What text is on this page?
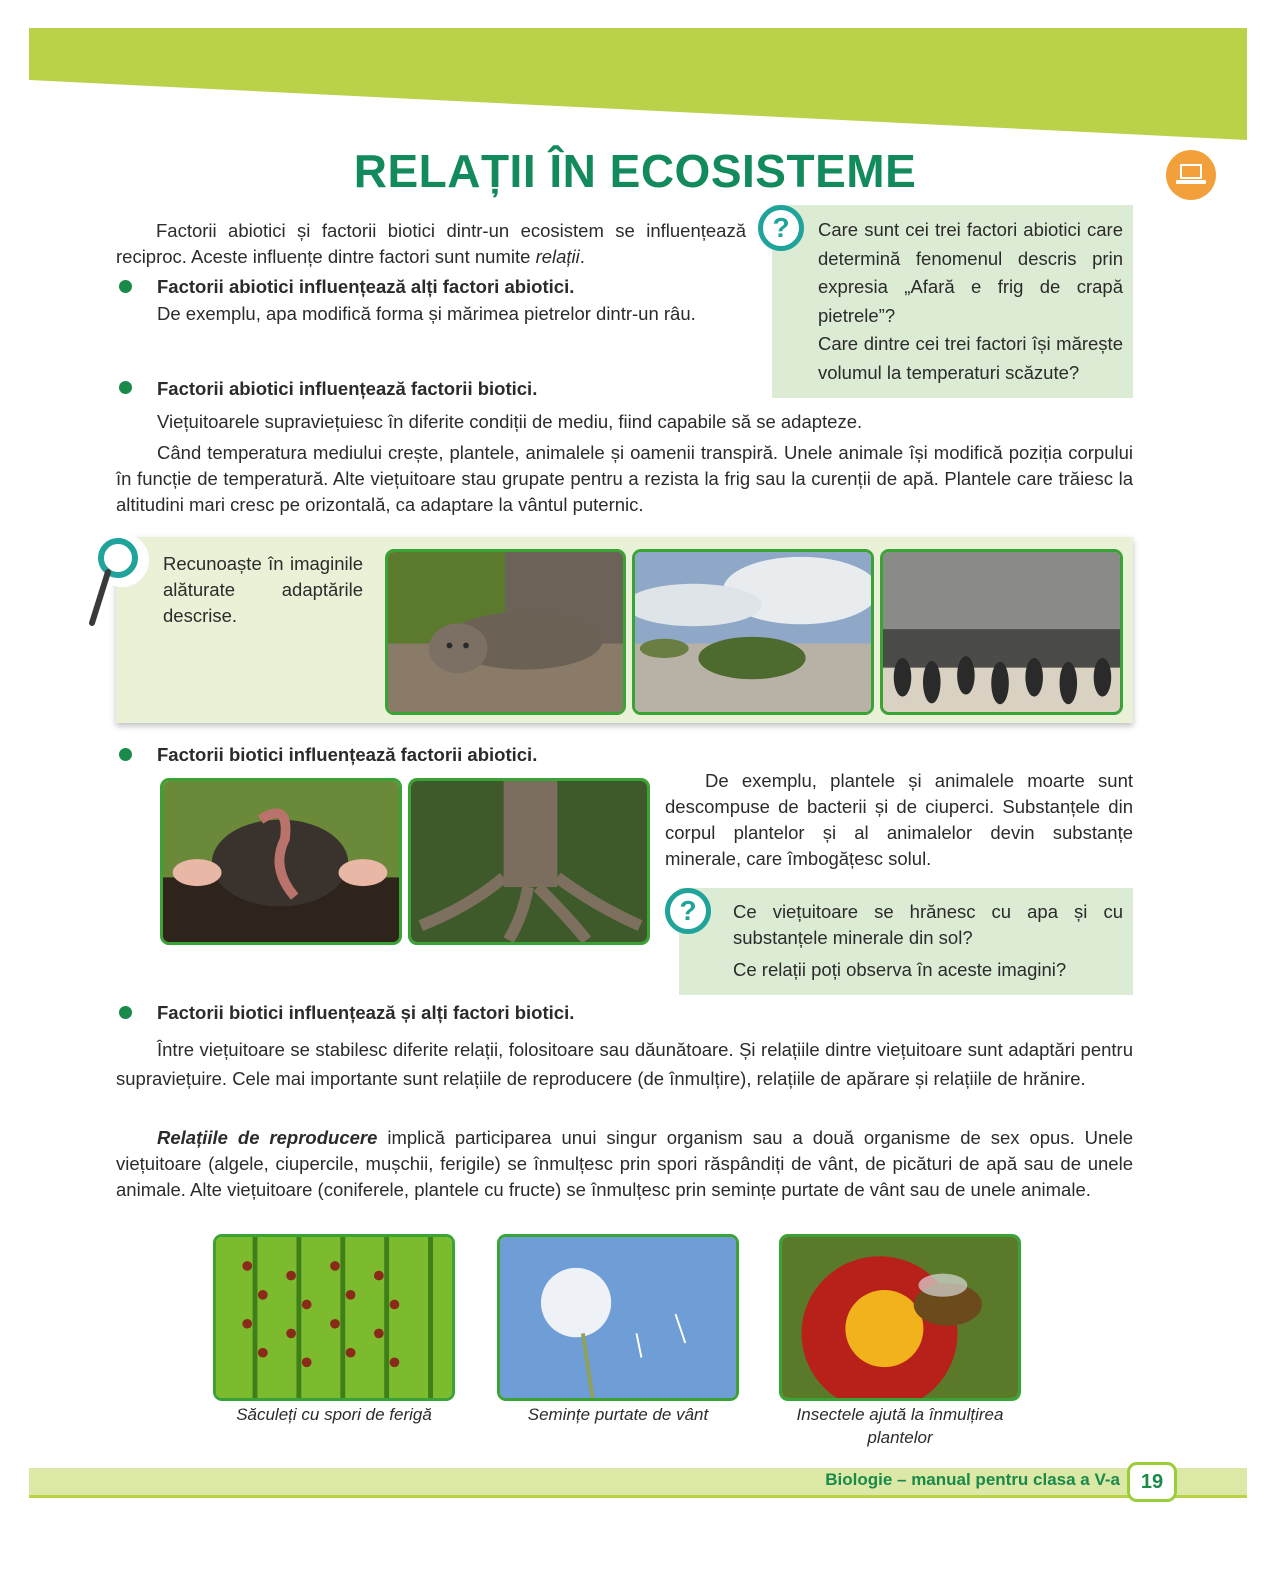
RELAȚII ÎN ECOSISTEME
Factorii abiotici și factorii biotici dintr-un ecosistem se influențează reciproc. Aceste influențe dintre factori sunt numite relații.
Factorii abiotici influențează alți factori abiotici.
De exemplu, apa modifică forma și mărimea pietrelor dintr-un râu.
?	Care sunt cei trei factori abiotici care determină fenomenul descris prin expresia „Afară e frig de crapă pietrele”?
Care dintre cei trei factori își mărește volumul la temperaturi scăzute?
Factorii abiotici influențează factorii biotici.
Viețuitoarele supraviețuiesc în diferite condiții de mediu, fiind capabile să se adapteze.
Când temperatura mediului crește, plantele, animalele și oamenii transpiră. Unele animale își modifică poziția corpului în funcție de temperatură. Alte viețuitoare stau grupate pentru a rezista la frig sau la curenții de apă. Plantele care trăiesc la altitudini mari cresc pe orizontală, ca adaptare la vântul puternic.
Recunoaște în imaginile alăturate adaptările descrise.
Factorii biotici influențează factorii abiotici.
De exemplu, plantele și animalele moarte sunt descompuse de bacterii și de ciuperci. Substanțele din corpul plantelor și al animalelor devin substanțe minerale, care îmbogățesc solul.
?	Ce viețuitoare se hrănesc cu apa și cu substanțele minerale din sol?
Ce relații poți observa în aceste imagini?
Factorii biotici influențează și alți factori biotici.
Între viețuitoare se stabilesc diferite relații, folositoare sau dăunătoare. Și relațiile dintre viețuitoare sunt adaptări pentru supraviețuire. Cele mai importante sunt relațiile de reproducere (de înmulțire), relațiile de apărare și relațiile de hrănire.
Relațiile de reproducere implică participarea unui singur organism sau a două organisme de sex opus. Unele viețuitoare (algele, ciupercile, mușchii, ferigile) se înmulțesc prin spori răspândiți de vânt, de picături de apă sau de unele animale. Alte viețuitoare (coniferele, plantele cu fructe) se înmulțesc prin semințe purtate de vânt sau de unele animale.
Săculeți cu spori de ferigă	Semințe purtate de vânt	Insectele ajută la înmulțirea plantelor
Biologie – manual pentru clasa a V-a	19
